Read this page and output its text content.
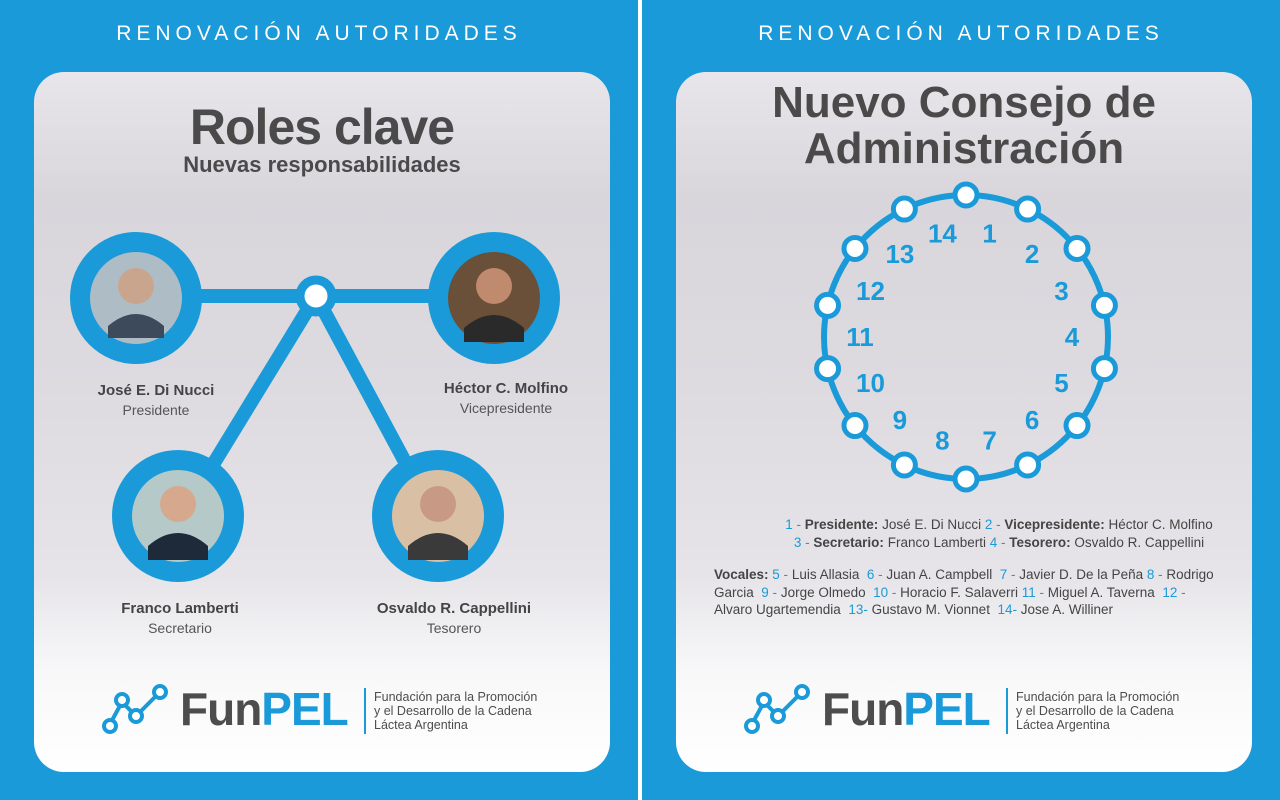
RENOVACIÓN AUTORIDADES
Roles clave
Nuevas responsabilidades
José E. Di Nucci
Presidente
Héctor C. Molfino
Vicepresidente
Franco Lamberti
Secretario
Osvaldo R. Cappellini
Tesorero
FunPEL Fundación para la Promoción
y el Desarrollo de la Cadena
Láctea Argentina
RENOVACIÓN AUTORIDADES
Nuevo Consejo de
Administración
1
2
3
4
5
6
7
8
9
10
11
12
13
14
1 - Presidente: José E. Di Nucci 2 - Vicepresidente: Héctor C. Molfino
3 - Secretario: Franco Lamberti 4 - Tesorero: Osvaldo R. Cappellini
Vocales: 5 - Luis Allasia 6 - Juan A. Campbell 7 - Javier D. De la Peña 8 - Rodrigo Garcia 9 - Jorge Olmedo 10 - Horacio F. Salaverri 11 - Miguel A. Taverna 12 - Alvaro Ugartemendia 13- Gustavo M. Vionnet 14- Jose A. Williner
FunPEL Fundación para la Promoción
y el Desarrollo de la Cadena
Láctea Argentina
